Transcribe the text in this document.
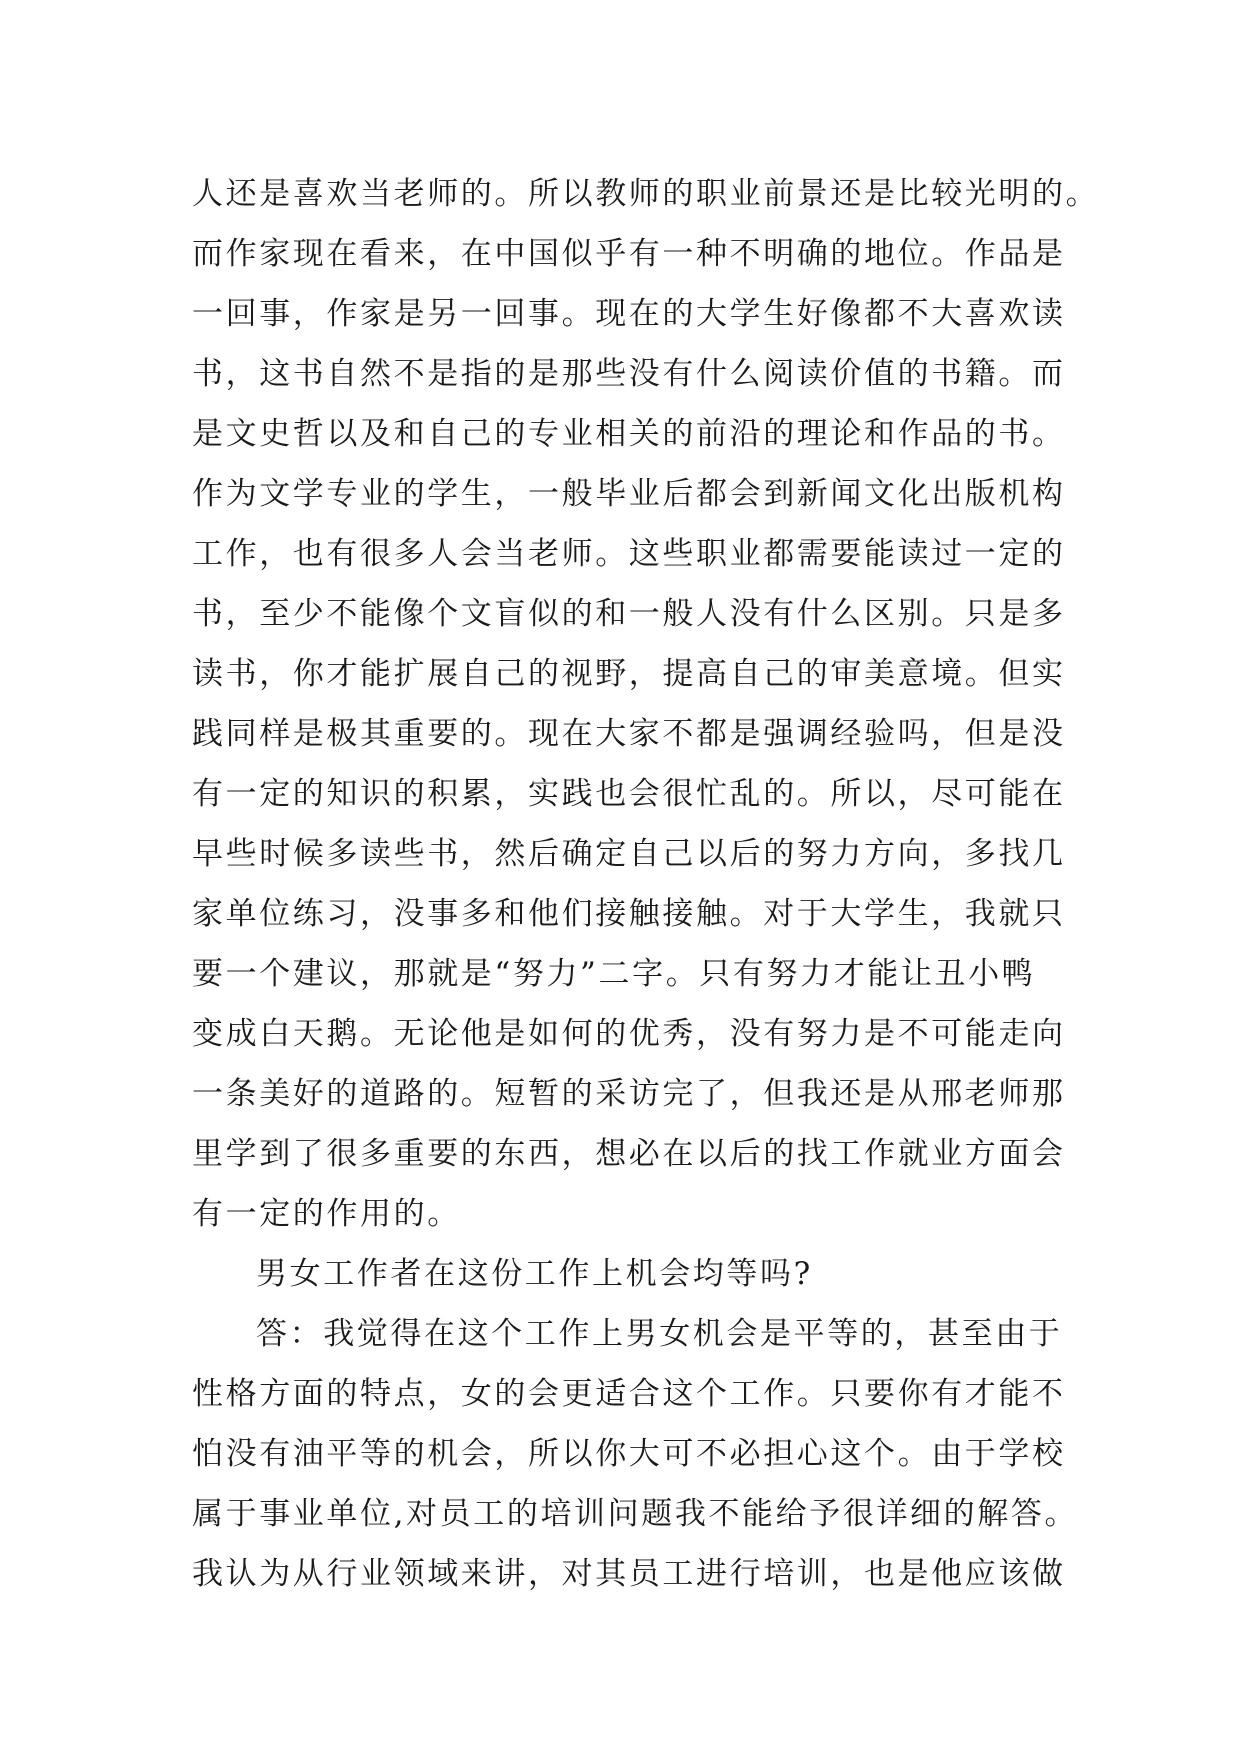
人还是喜欢当老师的。所以教师的职业前景还是比较光明的。
而作家现在看来，在中国似乎有一种不明确的地位。作品是
一回事，作家是另一回事。现在的大学生好像都不大喜欢读
书，这书自然不是指的是那些没有什么阅读价值的书籍。而
是文史哲以及和自己的专业相关的前沿的理论和作品的书。
作为文学专业的学生，一般毕业后都会到新闻文化出版机构
工作，也有很多人会当老师。这些职业都需要能读过一定的
书，至少不能像个文盲似的和一般人没有什么区别。只是多
读书，你才能扩展自己的视野，提高自己的审美意境。但实
践同样是极其重要的。现在大家不都是强调经验吗，但是没
有一定的知识的积累，实践也会很忙乱的。所以，尽可能在
早些时候多读些书，然后确定自己以后的努力方向，多找几
家单位练习，没事多和他们接触接触。对于大学生，我就只
要一个建议，那就是“努力”二字。只有努力才能让丑小鸭
变成白天鹅。无论他是如何的优秀，没有努力是不可能走向
一条美好的道路的。短暂的采访完了，但我还是从邢老师那
里学到了很多重要的东西，想必在以后的找工作就业方面会
有一定的作用的。
男女工作者在这份工作上机会均等吗?
答：我觉得在这个工作上男女机会是平等的，甚至由于
性格方面的特点，女的会更适合这个工作。只要你有才能不
怕没有油平等的机会，所以你大可不必担心这个。由于学校
属于事业单位,对员工的培训问题我不能给予很详细的解答。
我认为从行业领域来讲，对其员工进行培训，也是他应该做
